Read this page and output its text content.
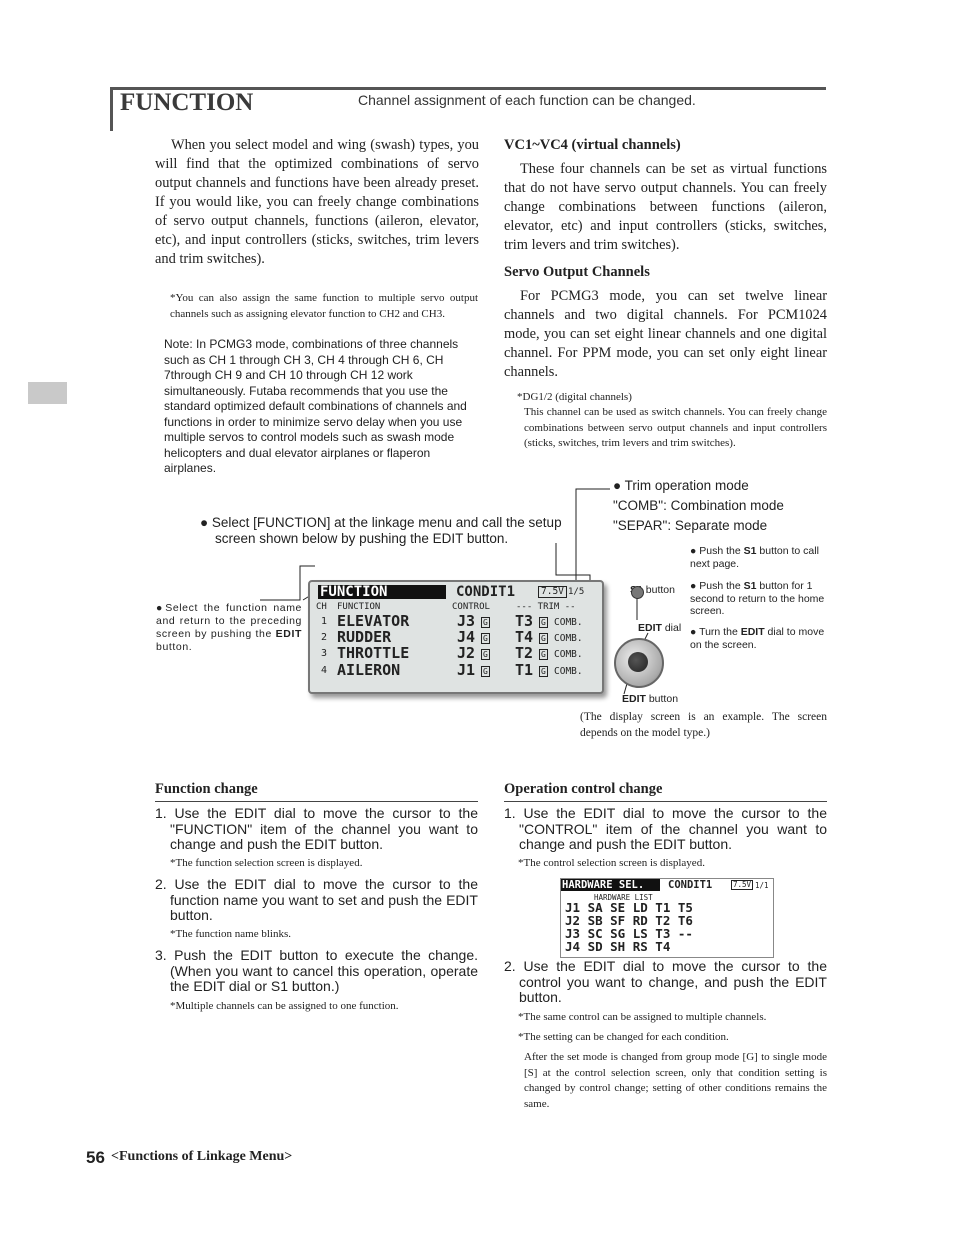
FUNCTION	Channel assignment of each function can be changed.
When you select model and wing (swash) types, you will find that the optimized combinations of servo output channels and functions have been already preset. If you would like, you can freely change combinations of servo output channels, functions (aileron, elevator, etc), and input controllers (sticks, switches, trim levers and trim switches).
*You can also assign the same function to multiple servo output channels such as assigning elevator function to CH2 and CH3.
Note: In PCMG3 mode, combinations of three channels such as CH 1 through CH 3, CH 4 through CH 6, CH 7through CH 9 and CH 10 through CH 12 work simultaneously. Futaba recommends that you use the standard optimized default combinations of channels and functions in order to minimize servo delay when you use multiple servos to control models such as swash mode helicopters and dual elevator airplanes or flaperon airplanes.
VC1~VC4 (virtual channels)
These four channels can be set as virtual functions that do not have servo output channels. You can freely change combinations between functions (aileron, elevator, etc) and input controllers (sticks, switches, trim levers and trim switches).
Servo Output Channels
For PCMG3 mode, you can set twelve linear channels and two digital channels. For PCM1024 mode, you can set eight linear channels and one digital channel. For PPM mode, you can set only eight linear channels.
*DG1/2 (digital channels)
This channel can be used as switch channels. You can freely change combinations between servo output channels and input controllers (sticks, switches, trim levers and trim switches).
● Select [FUNCTION] at the linkage menu and call the setup screen shown below by pushing the EDIT button.
● Trim operation mode
"COMB": Combination mode
"SEPAR": Separate mode
● Push the S1 button to call next page.
● Push the S1 button for 1 second to return to the home screen.
● Turn the EDIT dial to move on the screen.
●Select the function name and return to the preceding screen by pushing the EDIT button.
button
EDIT dial
EDIT button
FUNCTION	CONDIT1	7.5V 1/5
CH FUNCTION	CONTROL	--- TRIM --
1 ELEVATOR	J3 G T3 G COMB.
2 RUDDER	J4 G T4 G COMB.
3 THROTTLE	J2 G T2 G COMB.
4 AILERON	J1 G T1 G COMB.
(The display screen is an example. The screen depends on the model type.)
Function change
1. Use the EDIT dial to move the cursor to the "FUNCTION" item of the channel you want to change and push the EDIT button.
*The function selection screen is displayed.
2. Use the EDIT dial to move the cursor to the function name you want to set and push the EDIT button.
*The function name blinks.
3. Push the EDIT button to execute the change. (When you want to cancel this operation, operate the EDIT dial or S1 button.)
*Multiple channels can be assigned to one function.
Operation control change
1. Use the EDIT dial to move the cursor to the "CONTROL" item of the channel you want to change and push the EDIT button.
*The control selection screen is displayed.
HARDWARE SEL. CONDIT1	7.5V 1/1
HARDWARE LIST
J1 SA SE LD T1 T5
J2 SB SF RD T2 T6
J3 SC SG LS T3 --
J4 SD SH RS T4
2. Use the EDIT dial to move the cursor to the control you want to change, and push the EDIT button.
*The same control can be assigned to multiple channels.
*The setting can be changed for each condition.
After the set mode is changed from group mode [G] to single mode [S] at the control selection screen, only that condition setting is changed by control change; setting of other conditions remains the same.
56 <Functions of Linkage Menu>
